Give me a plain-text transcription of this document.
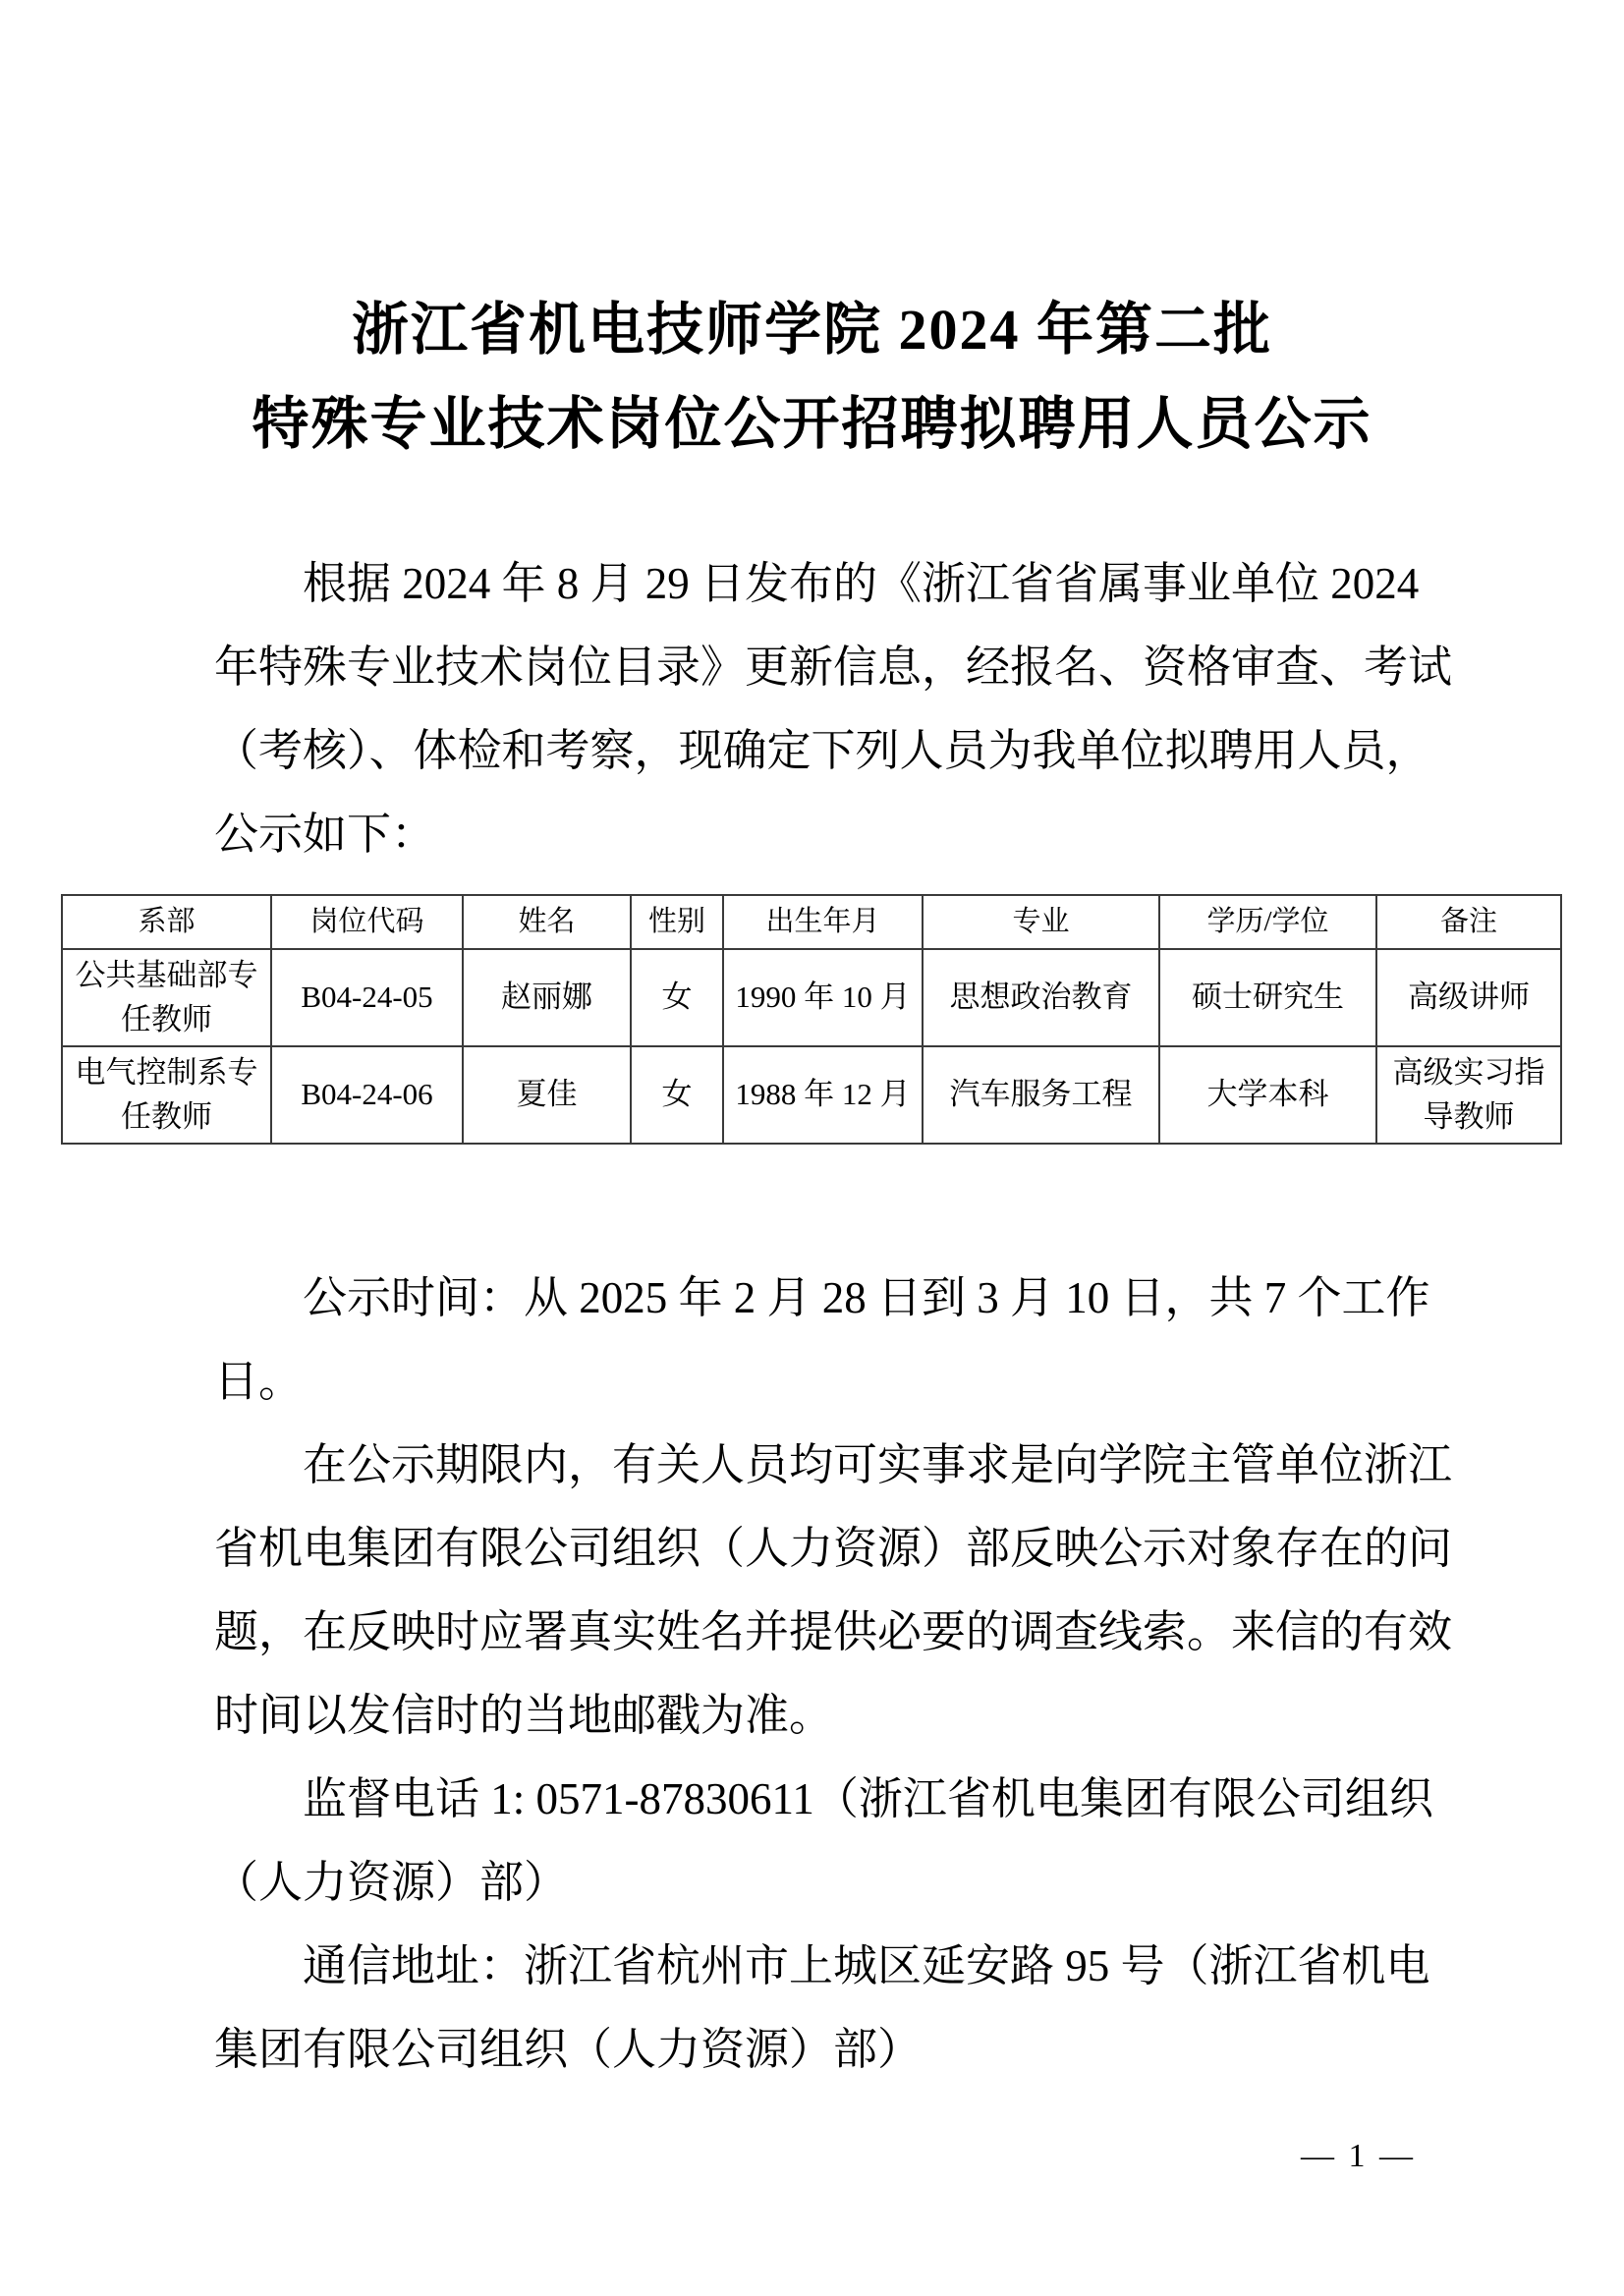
浙江省机电技师学院 2024 年第二批
特殊专业技术岗位公开招聘拟聘用人员公示
根据 2024 年 8 月 29 日发布的《浙江省省属事业单位 2024
年特殊专业技术岗位目录》更新信息，经报名、资格审查、考试
（考核）、体检和考察，现确定下列人员为我单位拟聘用人员，
公示如下：
系部	岗位代码	姓名	性别	出生年月	专业	学历/学位	备注
公共基础部专任教师	B04-24-05	赵丽娜	女	1990 年 10 月	思想政治教育	硕士研究生	高级讲师
电气控制系专任教师	B04-24-06	夏佳	女	1988 年 12 月	汽车服务工程	大学本科	高级实习指导教师
公示时间：从 2025 年 2 月 28 日到 3 月 10 日，共 7 个工作
日。
在公示期限内，有关人员均可实事求是向学院主管单位浙江
省机电集团有限公司组织（人力资源）部反映公示对象存在的问
题，在反映时应署真实姓名并提供必要的调查线索。来信的有效
时间以发信时的当地邮戳为准。
监督电话 1: 0571-87830611（浙江省机电集团有限公司组织
（人力资源）部）
通信地址：浙江省杭州市上城区延安路 95 号（浙江省机电
集团有限公司组织（人力资源）部）
— 1 —
